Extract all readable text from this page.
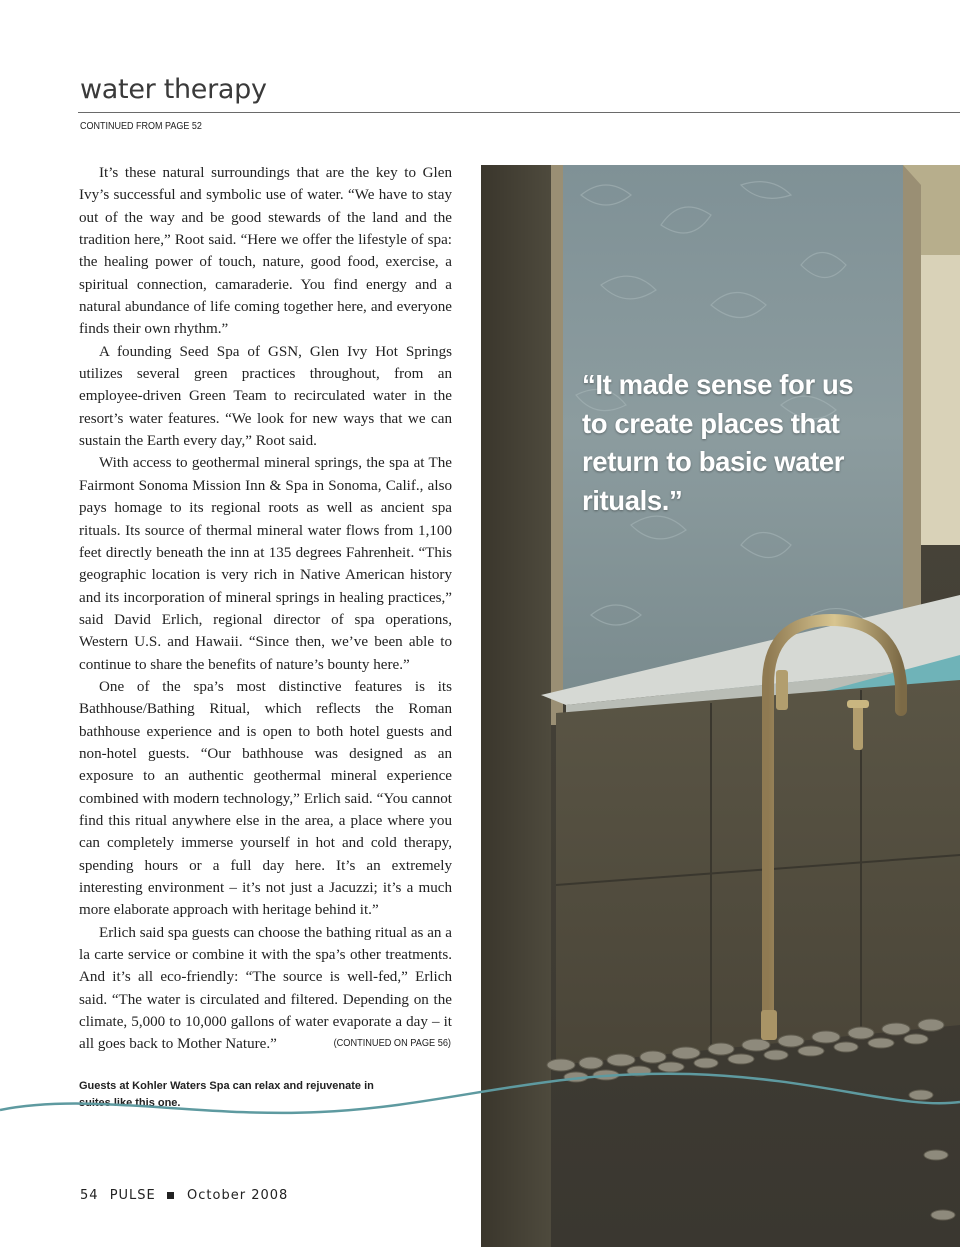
water therapy
CONTINUED FROM PAGE 52

It’s these natural surroundings that are the key to Glen Ivy’s successful and symbolic use of water. “We have to stay out of the way and be good stewards of the land and the tradition here,” Root said. “Here we offer the lifestyle of spa: the healing power of touch, nature, good food, exercise, a spiritual connection, camaraderie. You find energy and a natural abundance of life coming together here, and everyone finds their own rhythm.”

A founding Seed Spa of GSN, Glen Ivy Hot Springs utilizes several green practices throughout, from an employee-driven Green Team to recirculated water in the resort’s water features. “We look for new ways that we can sustain the Earth every day,” Root said.

With access to geothermal mineral springs, the spa at The Fairmont Sonoma Mission Inn & Spa in Sonoma, Calif., also pays homage to its regional roots as well as ancient spa rituals. Its source of thermal mineral water flows from 1,100 feet directly beneath the inn at 135 degrees Fahrenheit. “This geographic location is very rich in Native American history and its incorporation of mineral springs in healing practices,” said David Erlich, regional director of spa operations, Western U.S. and Hawaii. “Since then, we’ve been able to continue to share the benefits of nature’s bounty here.”

One of the spa’s most distinctive features is its Bathhouse/Bathing Ritual, which reflects the Roman bathhouse experience and is open to both hotel guests and non-hotel guests. “Our bathhouse was designed as an exposure to an authentic geothermal mineral experience combined with modern technology,” Erlich said. “You cannot find this ritual anywhere else in the area, a place where you can completely immerse yourself in hot and cold therapy, spending hours or a full day here. It’s an extremely interesting environment – it’s not just a Jacuzzi; it’s a much more elaborate approach with heritage behind it.”

Erlich said spa guests can choose the bathing ritual as an a la carte service or combine it with the spa’s other treatments. And it’s all eco-friendly: “The source is well-fed,” Erlich said. “The water is circulated and filtered. Depending on the climate, 5,000 to 10,000 gallons of water evaporate a day – it all goes back to Mother Nature.”	(CONTINUED ON PAGE 56)
“It made sense for us to create places that return to basic water rituals.”
Guests at Kohler Waters Spa can relax and rejuvenate in suites like this one.
54 PULSE October 2008
